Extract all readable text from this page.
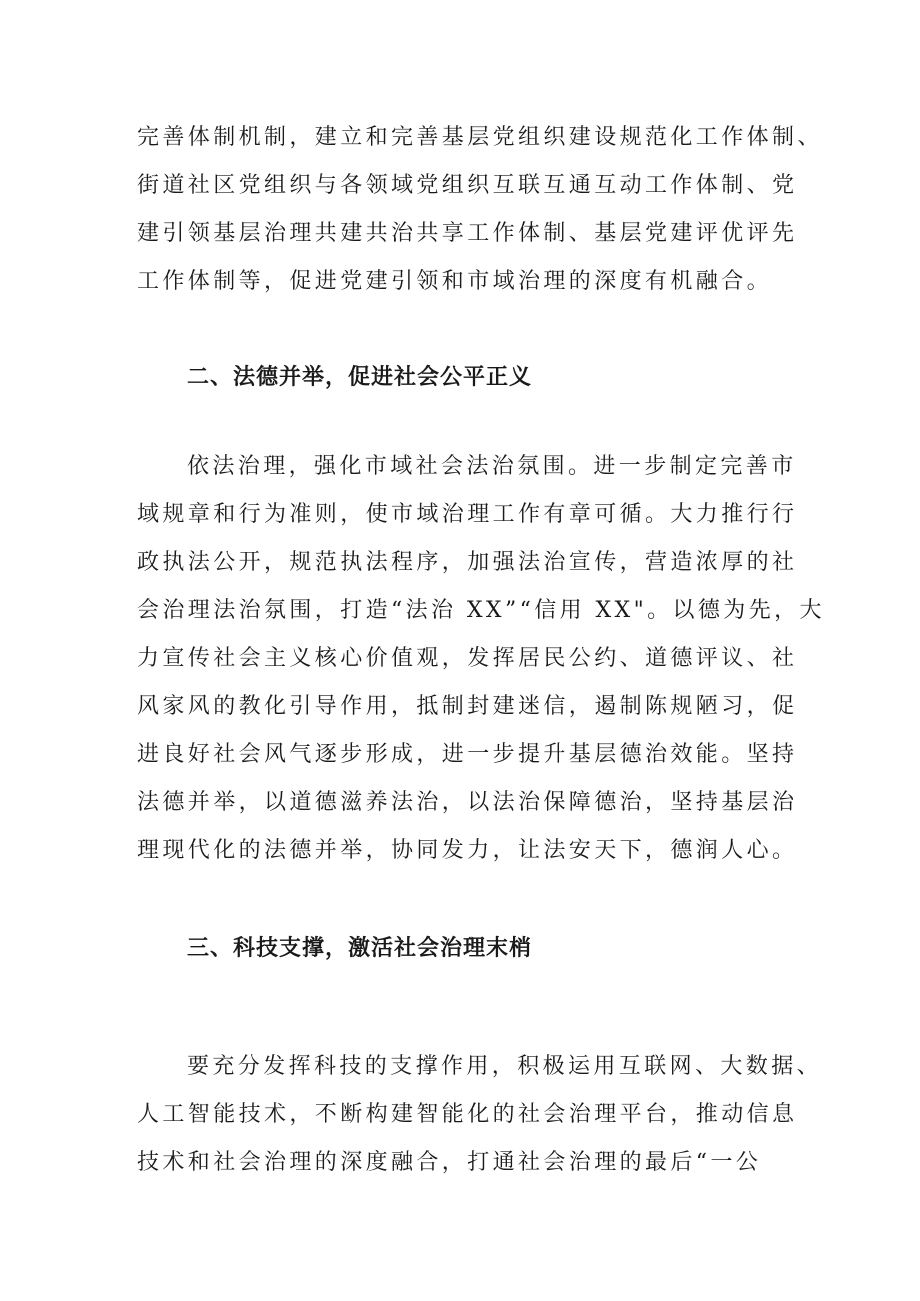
完善体制机制，建立和完善基层党组织建设规范化工作体制、
街道社区党组织与各领域党组织互联互通互动工作体制、党
建引领基层治理共建共治共享工作体制、基层党建评优评先
工作体制等，促进党建引领和市域治理的深度有机融合。
二、法德并举，促进社会公平正义
依法治理，强化市域社会法治氛围。进一步制定完善市
域规章和行为准则，使市域治理工作有章可循。大力推行行
政执法公开，规范执法程序，加强法治宣传，营造浓厚的社
会治理法治氛围，打造“法治 XX”“信用 XX"。以德为先，大
力宣传社会主义核心价值观，发挥居民公约、道德评议、社
风家风的教化引导作用，抵制封建迷信，遏制陈规陋习，促
进良好社会风气逐步形成，进一步提升基层德治效能。坚持
法德并举，以道德滋养法治，以法治保障德治，坚持基层治
理现代化的法德并举，协同发力，让法安天下，德润人心。
三、科技支撑，激活社会治理末梢
要充分发挥科技的支撑作用，积极运用互联网、大数据、
人工智能技术，不断构建智能化的社会治理平台，推动信息
技术和社会治理的深度融合，打通社会治理的最后“一公
